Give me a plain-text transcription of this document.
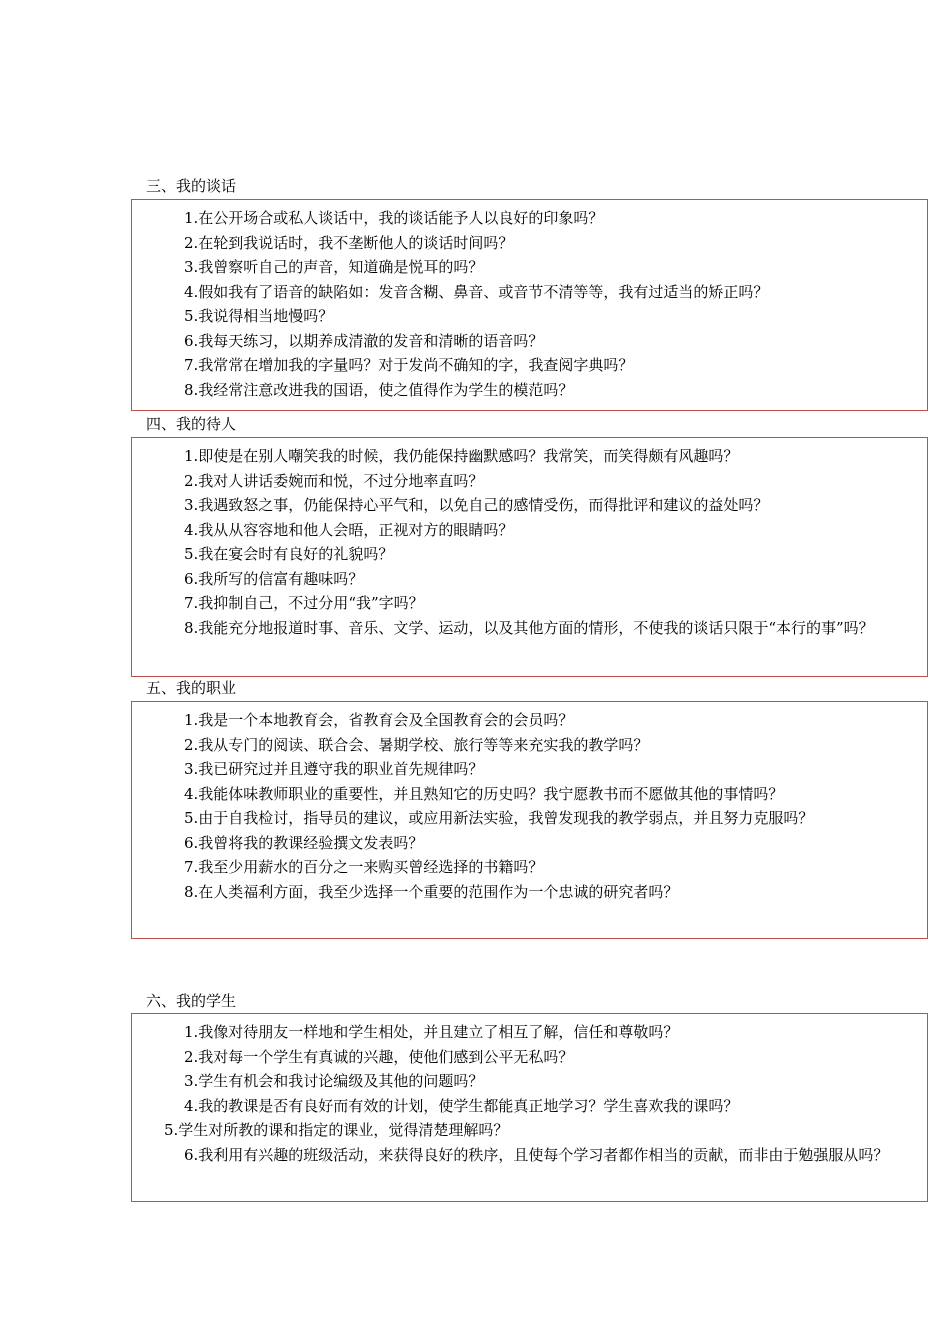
三、我的谈话

1.在公开场合或私人谈话中，我的谈话能予人以良好的印象吗？

2.在轮到我说话时，我不垄断他人的谈话时间吗？

3.我曾察听自己的声音，知道确是悦耳的吗？

4.假如我有了语音的缺陷如：发音含糊、鼻音、或音节不清等等，我有过适当的矫正吗？

5.我说得相当地慢吗？

6.我每天练习，以期养成清澈的发音和清晰的语音吗？

7.我常常在增加我的字量吗？对于发尚不确知的字，我查阅字典吗？

8.我经常注意改进我的国语，使之值得作为学生的模范吗？

四、我的待人

1.即使是在别人嘲笑我的时候，我仍能保持幽默感吗？我常笑，而笑得颇有风趣吗？

2.我对人讲话委婉而和悦，不过分地率直吗？

3.我遇致怒之事，仍能保持心平气和，以免自己的感情受伤，而得批评和建议的益处吗？

4.我从从容容地和他人会晤，正视对方的眼睛吗？

5.我在宴会时有良好的礼貌吗？

6.我所写的信富有趣味吗？

7.我抑制自己，不过分用“我”字吗？

8.我能充分地报道时事、音乐、文学、运动，以及其他方面的情形，不使我的谈话只限于“本行的事”吗？

五、我的职业

1.我是一个本地教育会，省教育会及全国教育会的会员吗？

2.我从专门的阅读、联合会、暑期学校、旅行等等来充实我的教学吗？

3.我已研究过并且遵守我的职业首先规律吗？

4.我能体味教师职业的重要性，并且熟知它的历史吗？我宁愿教书而不愿做其他的事情吗？

5.由于自我检讨，指导员的建议，或应用新法实验，我曾发现我的教学弱点，并且努力克服吗？

6.我曾将我的教课经验撰文发表吗？

7.我至少用薪水的百分之一来购买曾经选择的书籍吗？

8.在人类福利方面，我至少选择一个重要的范围作为一个忠诚的研究者吗？

六、我的学生

1.我像对待朋友一样地和学生相处，并且建立了相互了解，信任和尊敬吗？

2.我对每一个学生有真诚的兴趣，使他们感到公平无私吗？

3.学生有机会和我讨论编级及其他的问题吗？

4.我的教课是否有良好而有效的计划，使学生都能真正地学习？学生喜欢我的课吗？

5.学生对所教的课和指定的课业，觉得清楚理解吗？

6.我利用有兴趣的班级活动，来获得良好的秩序，且使每个学习者都作相当的贡献，而非由于勉强服从吗？
